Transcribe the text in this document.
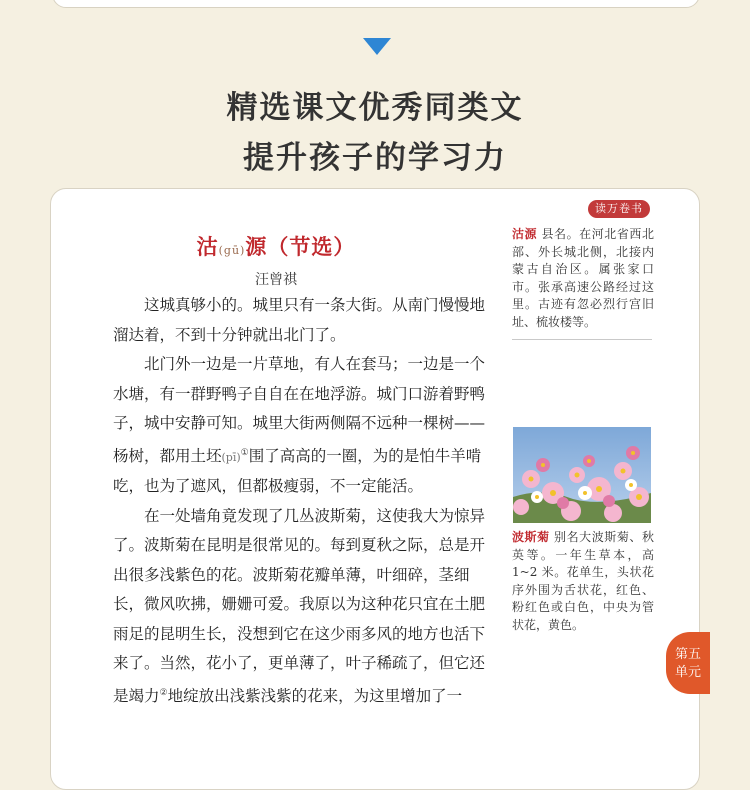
精选课文优秀同类文
提升孩子的学习力
读万卷书
沽(gū)源（节选）
汪曾祺

这城真够小的。城里只有一条大街。从南门慢慢地溜达着，不到十分钟就出北门了。

北门外一边是一片草地，有人在套马；一边是一个水塘，有一群野鸭子自自在在地浮游。城门口游着野鸭子，城中安静可知。城里大街两侧隔不远种一棵树——杨树，都用土坯(pī)①围了高高的一圈，为的是怕牛羊啃吃，也为了遮风，但都极瘦弱，不一定能活。

在一处墙角竟发现了几丛波斯菊，这使我大为惊异了。波斯菊在昆明是很常见的。每到夏秋之际，总是开出很多浅紫色的花。波斯菊花瓣单薄，叶细碎，茎细长，微风吹拂，姗姗可爱。我原以为这种花只宜在土肥雨足的昆明生长，没想到它在这少雨多风的地方也活下来了。当然，花小了，更单薄了，叶子稀疏了，但它还是竭力②地绽放出浅紫浅紫的花来，为这里增加了一

沽源 县名。在河北省西北部、外长城北侧，北接内蒙古自治区。属张家口市。张承高速公路经过这里。古迹有忽必烈行宫旧址、梳妆楼等。
波斯菊 别名大波斯菊、秋英等。一年生草本，高 1~2 米。花单生，头状花序外围为舌状花，红色、粉红色或白色，中央为管状花，黄色。
第五
单元
